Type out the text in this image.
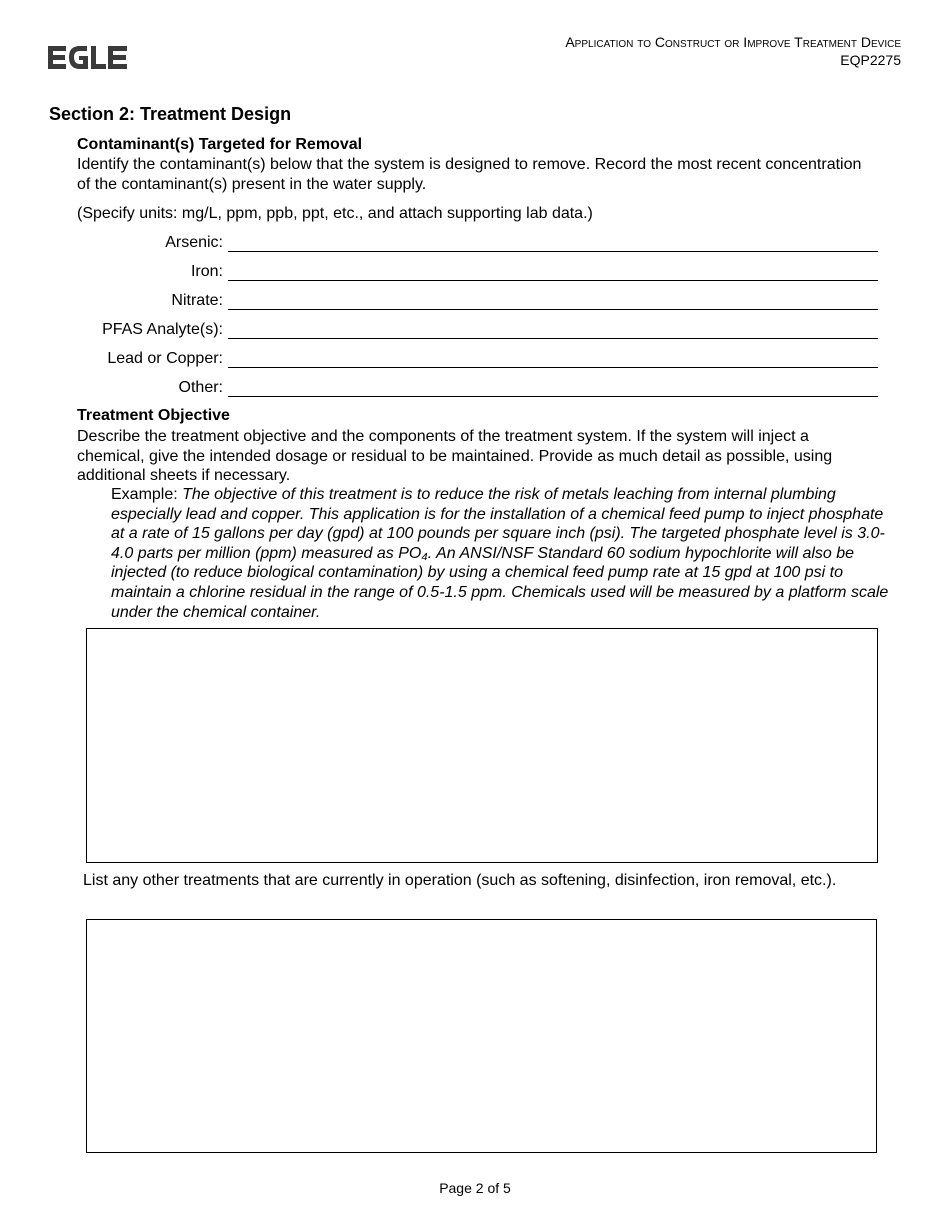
Application to Construct or Improve Treatment Device
EQP2275
Section 2: Treatment Design
Contaminant(s) Targeted for Removal
Identify the contaminant(s) below that the system is designed to remove. Record the most recent concentration of the contaminant(s) present in the water supply.
(Specify units: mg/L, ppm, ppb, ppt, etc., and attach supporting lab data.)
Arsenic:
Iron:
Nitrate:
PFAS Analyte(s):
Lead or Copper:
Other:
Treatment Objective
Describe the treatment objective and the components of the treatment system. If the system will inject a chemical, give the intended dosage or residual to be maintained. Provide as much detail as possible, using additional sheets if necessary.
Example: The objective of this treatment is to reduce the risk of metals leaching from internal plumbing especially lead and copper. This application is for the installation of a chemical feed pump to inject phosphate at a rate of 15 gallons per day (gpd) at 100 pounds per square inch (psi). The targeted phosphate level is 3.0-4.0 parts per million (ppm) measured as PO₄. An ANSI/NSF Standard 60 sodium hypochlorite will also be injected (to reduce biological contamination) by using a chemical feed pump rate at 15 gpd at 100 psi to maintain a chlorine residual in the range of 0.5-1.5 ppm. Chemicals used will be measured by a platform scale under the chemical container.
List any other treatments that are currently in operation (such as softening, disinfection, iron removal, etc.).
Page 2 of 5
